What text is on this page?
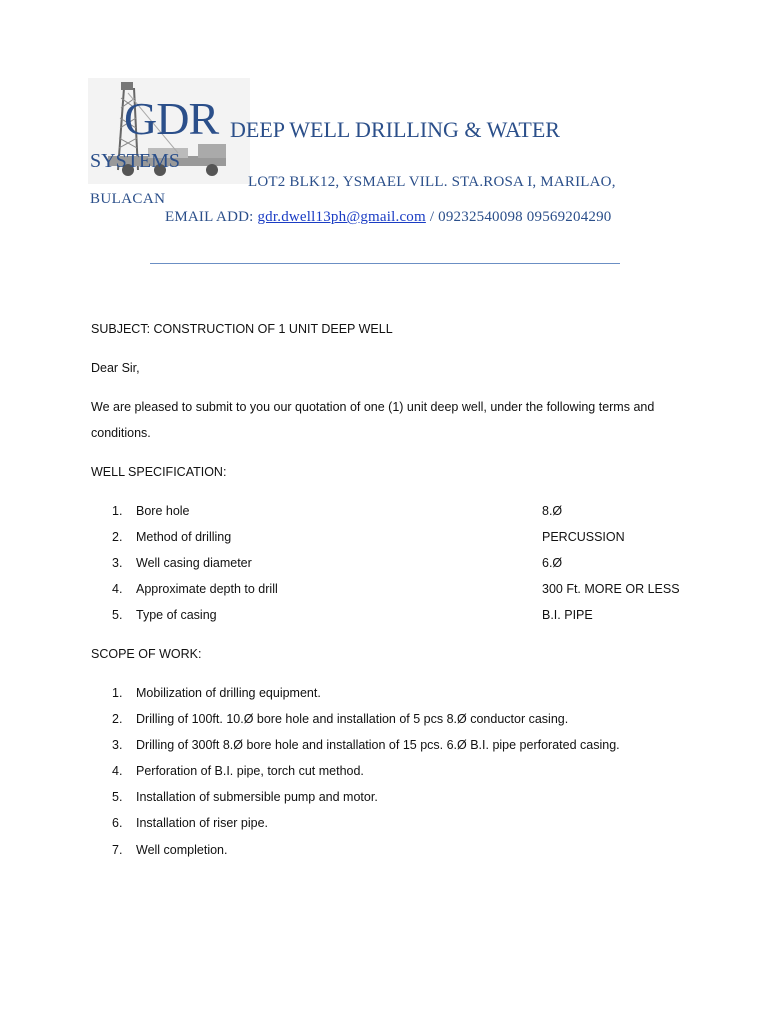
GDR DEEP WELL DRILLING & WATER
SYSTEMS
LOT2 BLK12, YSMAEL VILL. STA.ROSA I, MARILAO,
BULACAN
EMAIL ADD: gdr.dwell13ph@gmail.com / 09232540098 09569204290
SUBJECT: CONSTRUCTION OF 1 UNIT DEEP WELL
Dear Sir,
We are pleased to submit to you our quotation of one (1) unit deep well, under the following terms and
conditions.
WELL SPECIFICATION:
1. Bore hole	8.Ø
2. Method of drilling	PERCUSSION
3. Well casing diameter	6.Ø
4. Approximate depth to drill	300 Ft. MORE OR LESS
5. Type of casing	B.I. PIPE
SCOPE OF WORK:
1. Mobilization of drilling equipment.
2. Drilling of 100ft. 10.Ø bore hole and installation of 5 pcs 8.Ø conductor casing.
3. Drilling of 300ft 8.Ø bore hole and installation of 15 pcs. 6.Ø B.I. pipe perforated casing.
4. Perforation of B.I. pipe, torch cut method.
5. Installation of submersible pump and motor.
6. Installation of riser pipe.
7. Well completion.
